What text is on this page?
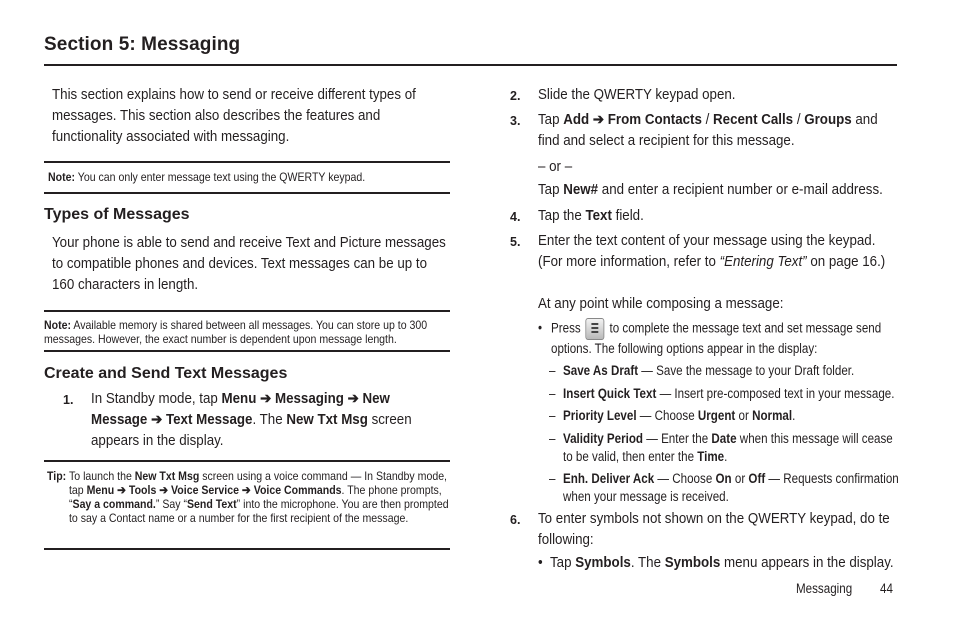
Section 5: Messaging
This section explains how to send or receive different types of messages. This section also describes the features and functionality associated with messaging.
Note: You can only enter message text using the QWERTY keypad.
Types of Messages
Your phone is able to send and receive Text and Picture messages to compatible phones and devices. Text messages can be up to 160 characters in length.
Note: Available memory is shared between all messages. You can store up to 300 messages. However, the exact number is dependent upon message length.
Create and Send Text Messages
1. In Standby mode, tap Menu ➔ Messaging ➔ New Message ➔ Text Message. The New Txt Msg screen appears in the display.
Tip: To launch the New Txt Msg screen using a voice command — In Standby mode, tap Menu ➔ Tools ➔ Voice Service ➔ Voice Commands. The phone prompts, “Say a command.” Say “Send Text” into the microphone. You are then prompted to say a Contact name or a number for the first recipient of the message.
2. Slide the QWERTY keypad open.
3. Tap Add ➔ From Contacts / Recent Calls / Groups and find and select a recipient for this message.
– or –
Tap New# and enter a recipient number or e-mail address.
4. Tap the Text field.
5. Enter the text content of your message using the keypad. (For more information, refer to “Entering Text” on page 16.)
At any point while composing a message:
• Press
to complete the message text and set message send options. The following options appear in the display:
– Save As Draft — Save the message to your Draft folder.
– Insert Quick Text — Insert pre-composed text in your message.
– Priority Level — Choose Urgent or Normal.
– Validity Period — Enter the Date when this message will cease to be valid, then enter the Time.
– Enh. Deliver Ack — Choose On or Off — Requests confirmation when your message is received.
6. To enter symbols not shown on the QWERTY keypad, do te following:
• Tap Symbols. The Symbols menu appears in the display.
Messaging 44
